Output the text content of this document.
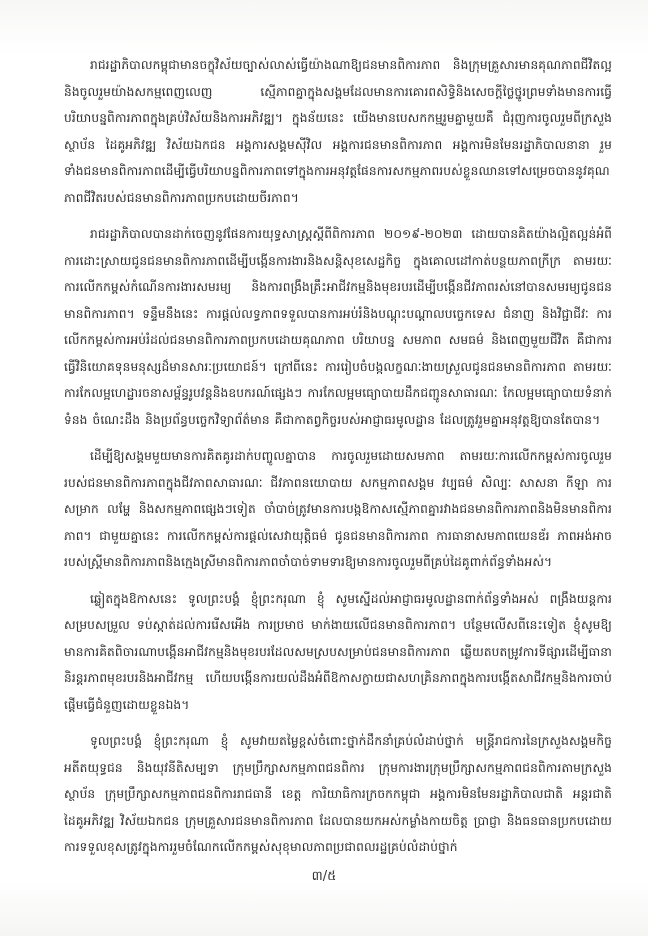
រាជរដ្ឋាភិបាលកម្ពុជាមានចក្ខុវិស័យច្បាស់លាស់ធ្វើយ៉ាងណាឱ្យជនមានពិការភាព និងក្រុមគ្រួសារមានគុណភាពជីវិតល្អ និងចូលរួមយ៉ាងសកម្មពេញលេញ ស្មើភាពគ្នាក្នុងសង្គមដែលមានការគោរពសិទ្ធិនិងសេចក្តីថ្លៃថ្នូរព្រមទាំងមានការធ្វើបរិយាបន្នពិការភាពក្នុងគ្រប់វិស័យនិងការអភិវឌ្ឍ។ ក្នុងន័យនេះ យើងមានបេសកកម្មរួមគ្នាមួយគឺ ជំរុញការចូលរួមពីក្រសួងស្ថាប័ន ដៃគូអភិវឌ្ឍ វិស័យឯកជន អង្គការសង្គមស៊ីវិល អង្គការជនមានពិការភាព អង្គការមិនមែនរដ្ឋាភិបាលនានា រួមទាំងជនមានពិការភាពដើម្បីធ្វើបរិយាបន្នពិការភាពទៅក្នុងការអនុវត្តផែនការសកម្មភាពរបស់ខ្លួនឈានទៅសម្រេចបាននូវគុណភាពជីវិតរបស់ជនមានពិការភាពប្រកបដោយចីរភាព។

រាជរដ្ឋាភិបាលបានដាក់ចេញនូវផែនការយុទ្ធសាស្ត្រស្តីពីពិការភាព ២០១៩-២០២៣ ដោយបានគិតយ៉ាងល្អិតល្អន់អំពីការដោះស្រាយជូនជនមានពិការភាពដើម្បីបង្កើនការងារនិងសន្តិសុខសេដ្ឋកិច្ច ក្នុងគោលដៅកាត់បន្ថយភាពក្រីក្រ តាមរយៈការលើកកម្ពស់កំណើនការងារសមរម្យ និងការពង្រឹងគ្រឹះអាជីវកម្មនិងមុខរបរដើម្បីបង្កើនជីវភាពរស់នៅបានសមរម្យជូនជនមានពិការភាព។ ទន្ទឹមនឹងនេះ ការផ្តល់លទ្ធភាពទទួលបានការអប់រំនិងបណ្តុះបណ្តាលបច្ចេកទេស ជំនាញ និងវិជ្ជាជីវៈ ការលើកកម្ពស់ការអប់រំដល់ជនមានពិការភាពប្រកបដោយគុណភាព បរិយាបន្ន សមភាព សមធម៌ និងពេញមួយជីវិត គឺជាការធ្វើវិនិយោគទុនមនុស្សដ៏មានសារៈប្រយោជន៍។ ក្រៅពីនេះ ការរៀបចំបង្កលក្ខណៈងាយស្រួលជូនជនមានពិការភាព តាមរយៈការកែលម្អហេដ្ឋារចនាសម្ព័ន្ធរូបវន្តនិងឧបករណ៍ផ្សេងៗ ការកែលម្អមធ្យោបាយដឹកជញ្ជូនសាធារណៈ កែលម្អមធ្យោបាយទំនាក់ទំនង ចំណេះដឹង និងប្រព័ន្ធបច្ចេកវិទ្យាព័ត៌មាន គឺជាកាតព្វកិច្ចរបស់អាជ្ញាធរមូលដ្ឋាន ដែលត្រូវរួមគ្នាអនុវត្តឱ្យបានតែបាន។

ដើម្បីឱ្យសង្គមមួយមានការគិតគូរដាក់បញ្ចូលគ្នាបាន ការចូលរួមដោយសមភាព តាមរយៈការលើកកម្ពស់ការចូលរួមរបស់ជនមានពិការភាពក្នុងជីវភាពសាធារណៈ ជីវភាពនយោបាយ សកម្មភាពសង្គម វប្បធម៌ សិល្បៈ សាសនា កីឡា ការសម្រាក លម្ហែ និងសកម្មភាពផ្សេងៗទៀត ចាំបាច់ត្រូវមានការបង្កឱកាសស្មើភាពគ្នារវាងជនមានពិការភាពនិងមិនមានពិការភាព។ ជាមួយគ្នានេះ ការលើកកម្ពស់ការផ្តល់សេវាយុត្តិធម៌ ជូនជនមានពិការភាព ការធានាសមភាពយេនឌ័រ ភាពអង់អាចរបស់ស្ត្រីមានពិការភាពនិងក្មេងស្រីមានពិការភាពចាំបាច់ទាមទារឱ្យមានការចូលរួមពីគ្រប់ដៃគូពាក់ព័ន្ធទាំងអស់។

ឆ្លៀតក្នុងឱកាសនេះ ទូលព្រះបង្គំ ខ្ញុំព្រះករុណា ខ្ញុំ សូមស្នើដល់អាជ្ញាធរមូលដ្ឋានពាក់ព័ន្ធទាំងអស់ ពង្រឹងយន្តការសម្របសម្រួល ទប់ស្កាត់ដល់ការរើសអើង ការប្រមាថ មាក់ងាយលើជនមានពិការភាព។ បន្ថែមលើសពីនេះទៀត ខ្ញុំសូមឱ្យមានការគិតពិចារណាបង្កើនអាជីវកម្មនិងមុខរបរដែលសមស្របសម្រាប់ជនមានពិការភាព ឆ្លើយតបតម្រូវការទីផ្សារដើម្បីធានានិរន្តរភាពមុខរបរនិងអាជីវកម្ម ហើយបង្កើនការយល់ដឹងអំពីឱកាសក្លាយជាសហគ្រិនភាពក្នុងការបង្កើតសាជីវកម្មនិងការចាប់ផ្តើមធ្វើជំនួញដោយខ្លួនឯង។

ទូលព្រះបង្គំ ខ្ញុំព្រះករុណា ខ្ញុំ សូមវាយតម្លៃខ្ពស់ចំពោះថ្នាក់ដឹកនាំគ្រប់លំដាប់ថ្នាក់ មន្ត្រីរាជការនៃក្រសួងសង្គមកិច្ច អតីតយុទ្ធជន និងយុវនីតិសម្បទា ក្រុមប្រឹក្សាសកម្មភាពជនពិការ ក្រុមការងារក្រុមប្រឹក្សាសកម្មភាពជនពិការតាមក្រសួងស្ថាប័ន ក្រុមប្រឹក្សាសកម្មភាពជនពិការរាជធានី ខេត្ត ការិយាធិការក្រចកកម្ពុជា អង្គការមិនមែនរដ្ឋាភិបាលជាតិ អន្តរជាតិ ដៃគូអភិវឌ្ឍ វិស័យឯកជន ក្រុមគ្រួសារជនមានពិការភាព ដែលបានយកអស់កម្លាំងកាយចិត្ត ប្រាជ្ញា និងធនធានប្រកបដោយការទទួលខុសត្រូវក្នុងការរួមចំណែកលើកកម្ពស់សុខុមាលភាពប្រជាពលរដ្ឋគ្រប់លំដាប់ថ្នាក់

៣/៥
